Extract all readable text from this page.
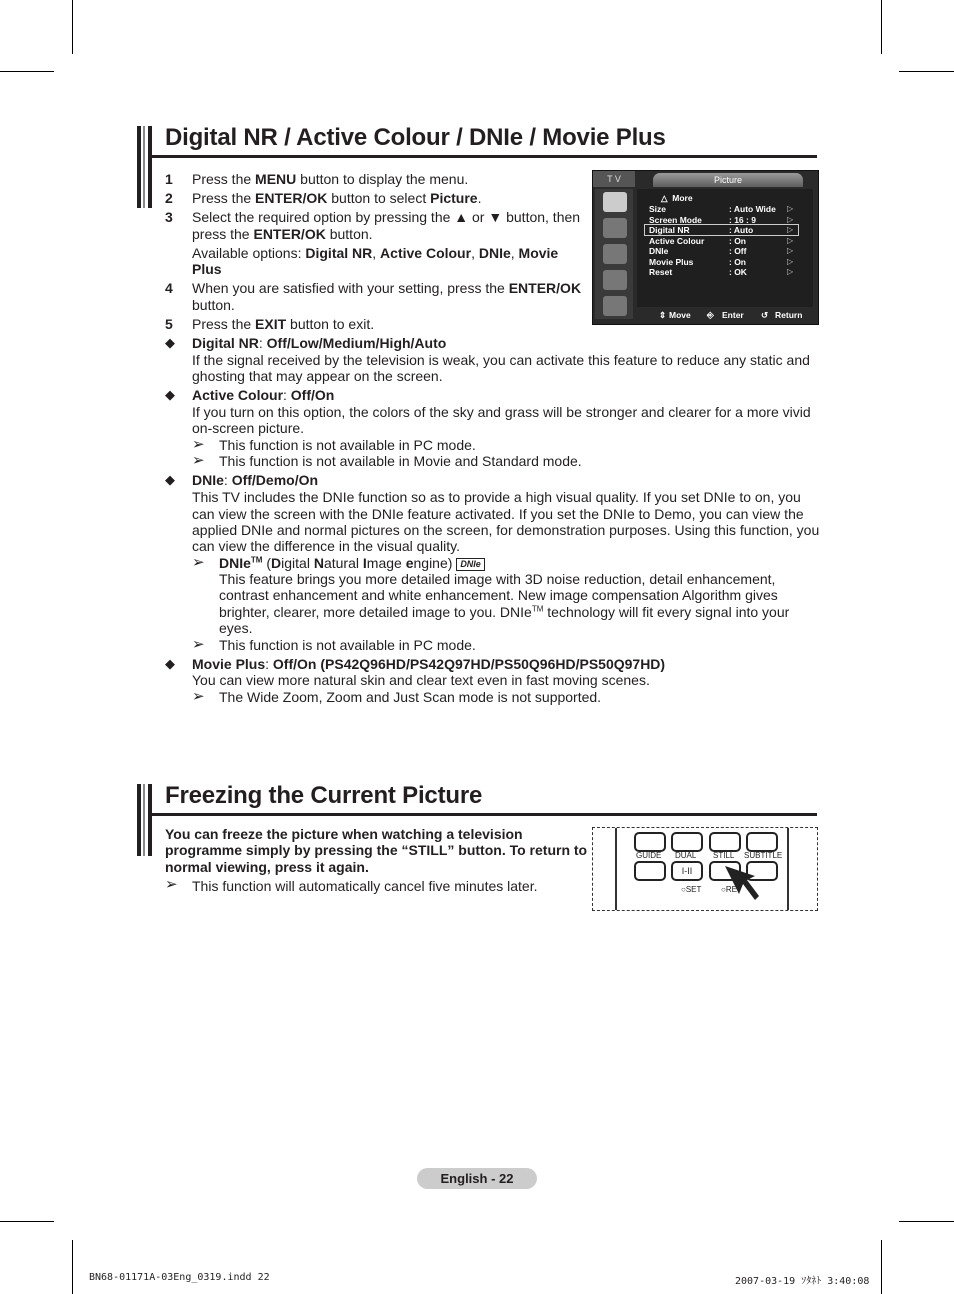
Digital NR / Active Colour / DNIe / Movie Plus
1 Press the MENU button to display the menu.
2 Press the ENTER/OK button to select Picture.
3 Select the required option by pressing the ▲ or ▼ button, then
press the ENTER/OK button.
Available options: Digital NR, Active Colour, DNIe, Movie
Plus
4 When you are satisfied with your setting, press the ENTER/OK
button.
5 Press the EXIT button to exit.
◆ Digital NR: Off/Low/Medium/High/Auto
If the signal received by the television is weak, you can activate this feature to reduce any static and
ghosting that may appear on the screen.
◆ Active Colour: Off/On
If you turn on this option, the colors of the sky and grass will be stronger and clearer for a more vivid
on-screen picture.
➢ This function is not available in PC mode.
➢ This function is not available in Movie and Standard mode.
◆ DNIe: Off/Demo/On
This TV includes the DNIe function so as to provide a high visual quality. If you set DNIe to on, you
can view the screen with the DNIe feature activated. If you set the DNIe to Demo, you can view the
applied DNIe and normal pictures on the screen, for demonstration purposes. Using this function, you
can view the difference in the visual quality.
➢ DNIe™ (Digital Natural Image engine) DNIe
This feature brings you more detailed image with 3D noise reduction, detail enhancement,
contrast enhancement and white enhancement. New image compensation Algorithm gives
brighter, clearer, more detailed image to you. DNIe™ technology will fit every signal into your
eyes.
➢ This function is not available in PC mode.
◆ Movie Plus: Off/On (PS42Q96HD/PS42Q97HD/PS50Q96HD/PS50Q97HD)
You can view more natural skin and clear text even in fast moving scenes.
➢ The Wide Zoom, Zoom and Just Scan mode is not supported.
T V	Picture
△ More
Size	: Auto Wide ▷
Screen Mode	: 16 : 9	▷
Digital NR	: Auto	▷
Active Colour	: On	▷
DNIe	: Off	▷
Movie Plus	: On	▷
Reset	: OK	▷
⇕ Move ⎆ Enter ↺ Return
Freezing the Current Picture
You can freeze the picture when watching a television
programme simply by pressing the “STILL” button. To return to
normal viewing, press it again.
➢ This function will automatically cancel five minutes later.
GUIDE DUAL STILL SUBTITLE
I-II
○SET ○RE
English - 22
BN68-01171A-03Eng_0319.indd 22	2007-03-19 ｿﾀﾈﾄ 3:40:08
